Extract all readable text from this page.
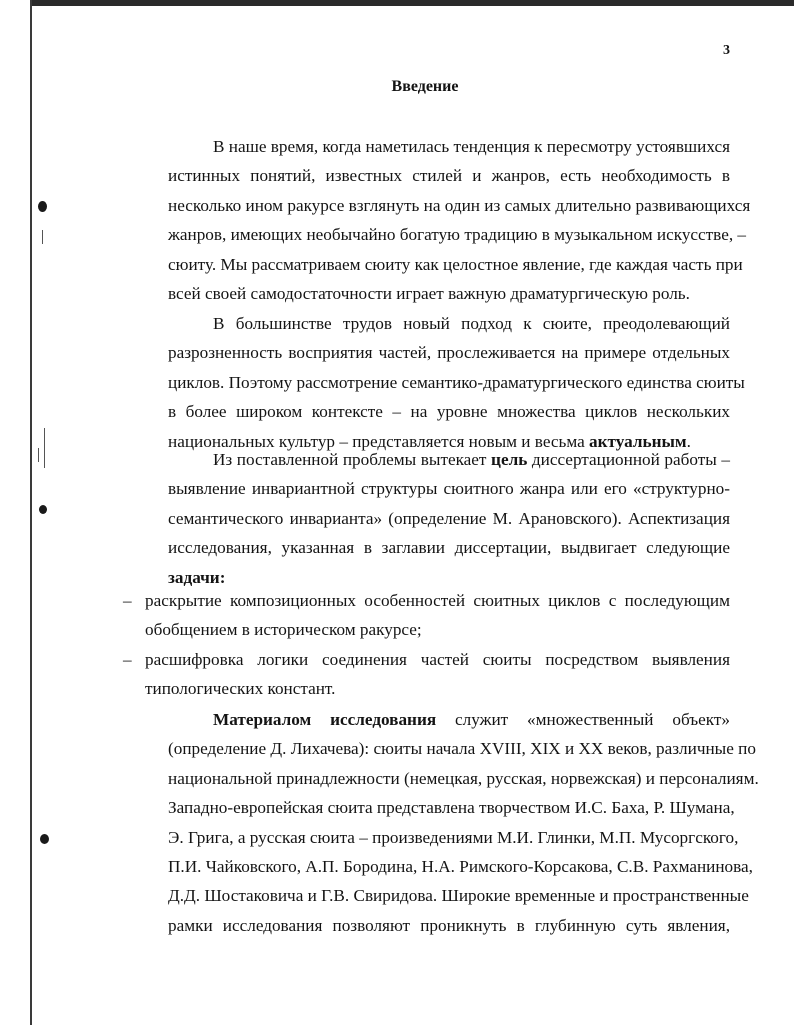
3
Введение
В наше время, когда наметилась тенденция к пересмотру устоявшихся
истинных понятий, известных стилей и жанров, есть необходимость в
несколько ином ракурсе взглянуть на один из самых длительно развивающихся
жанров, имеющих необычайно богатую традицию в музыкальном искусстве, –
сюиту. Мы рассматриваем сюиту как целостное явление, где каждая часть при
всей своей самодостаточности играет важную драматургическую роль.
В большинстве трудов новый подход к сюите, преодолевающий
разрозненность восприятия частей, прослеживается на примере отдельных
циклов. Поэтому рассмотрение семантико-драматургического единства сюиты
в более широком контексте – на уровне множества циклов нескольких
национальных культур – представляется новым и весьма актуальным.
Из поставленной проблемы вытекает цель диссертационной работы –
выявление инвариантной структуры сюитного жанра или его «структурно-
семантического инварианта» (определение М. Арановского). Аспектизация
исследования, указанная в заглавии диссертации, выдвигает следующие
задачи:
– раскрытие композиционных особенностей сюитных циклов с последующим
обобщением в историческом ракурсе;
– расшифровка логики соединения частей сюиты посредством выявления
типологических констант.
Материалом исследования служит «множественный объект»
(определение Д. Лихачева): сюиты начала XVIII, XIX и XX веков, различные по
национальной принадлежности (немецкая, русская, норвежская) и персоналиям.
Западно-европейская сюита представлена творчеством И.С. Баха, Р. Шумана,
Э. Грига, а русская сюита – произведениями М.И. Глинки, М.П. Мусоргского,
П.И. Чайковского, А.П. Бородина, Н.А. Римского-Корсакова, С.В. Рахманинова,
Д.Д. Шостаковича и Г.В. Свиридова. Широкие временные и пространственные
рамки исследования позволяют проникнуть в глубинную суть явления,
